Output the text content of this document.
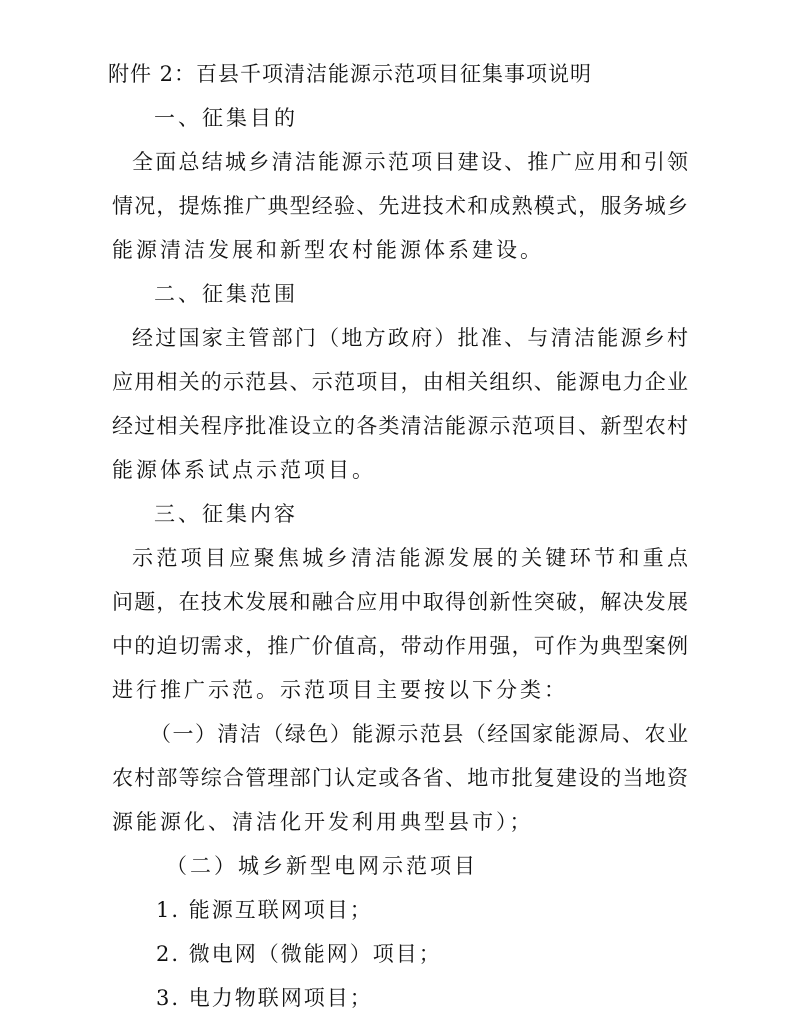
附件 2：百县千项清洁能源示范项目征集事项说明
一、征集目的
全面总结城乡清洁能源示范项目建设、推广应用和引领
情况，提炼推广典型经验、先进技术和成熟模式，服务城乡
能源清洁发展和新型农村能源体系建设。
二、征集范围
经过国家主管部门（地方政府）批准、与清洁能源乡村
应用相关的示范县、示范项目，由相关组织、能源电力企业
经过相关程序批准设立的各类清洁能源示范项目、新型农村
能源体系试点示范项目。
三、征集内容
示范项目应聚焦城乡清洁能源发展的关键环节和重点
问题，在技术发展和融合应用中取得创新性突破，解决发展
中的迫切需求，推广价值高，带动作用强，可作为典型案例
进行推广示范。示范项目主要按以下分类：
（一）清洁（绿色）能源示范县（经国家能源局、农业
农村部等综合管理部门认定或各省、地市批复建设的当地资
源能源化、清洁化开发利用典型县市）；
（二）城乡新型电网示范项目
1. 能源互联网项目；
2. 微电网（微能网）项目；
3. 电力物联网项目；
